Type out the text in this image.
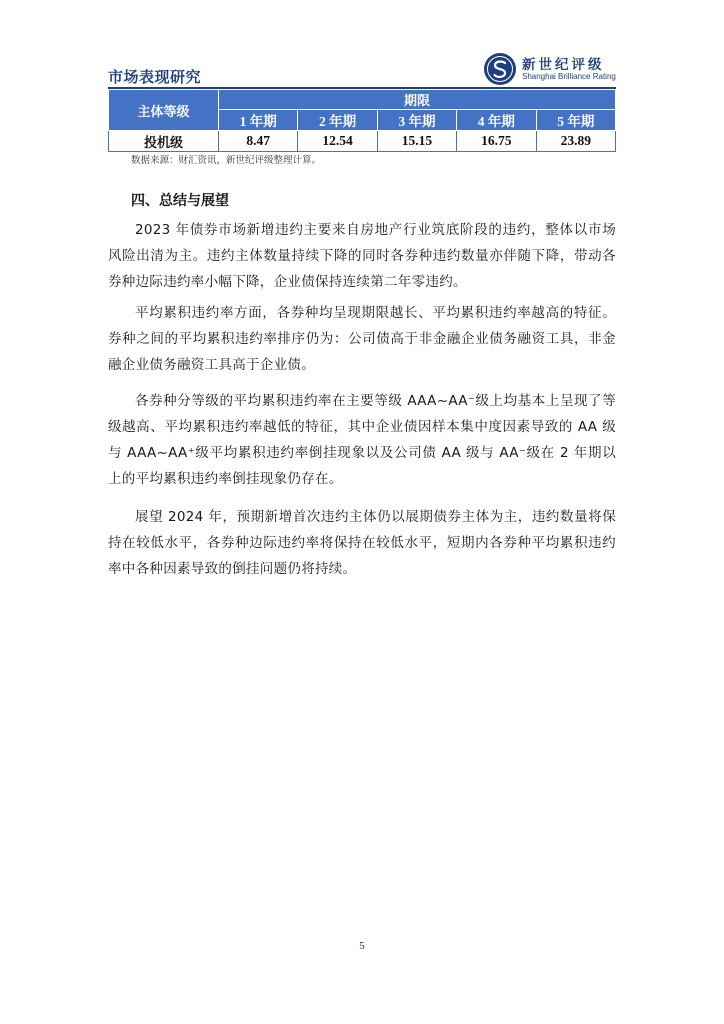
市场表现研究
新世纪评级
Shanghai Brilliance Rating
主体等级	期限				
	1 年期	2 年期	3 年期	4 年期	5 年期
投机级	8.47	12.54	15.15	16.75	23.89
数据来源：财汇资讯，新世纪评级整理计算。
四、总结与展望

2023 年债券市场新增违约主要来自房地产行业筑底阶段的违约，整体以市场风险出清为主。违约主体数量持续下降的同时各券种违约数量亦伴随下降，带动各券种边际违约率小幅下降，企业债保持连续第二年零违约。

平均累积违约率方面，各券种均呈现期限越长、平均累积违约率越高的特征。券种之间的平均累积违约率排序仍为：公司债高于非金融企业债务融资工具，非金融企业债务融资工具高于企业债。

各券种分等级的平均累积违约率在主要等级 AAA~AA⁻级上均基本上呈现了等级越高、平均累积违约率越低的特征，其中企业债因样本集中度因素导致的 AA 级与 AAA~AA⁺级平均累积违约率倒挂现象以及公司债 AA 级与 AA⁻级在 2 年期以上的平均累积违约率倒挂现象仍存在。

展望 2024 年，预期新增首次违约主体仍以展期债券主体为主，违约数量将保持在较低水平，各券种边际违约率将保持在较低水平，短期内各券种平均累积违约率中各种因素导致的倒挂问题仍将持续。

5
